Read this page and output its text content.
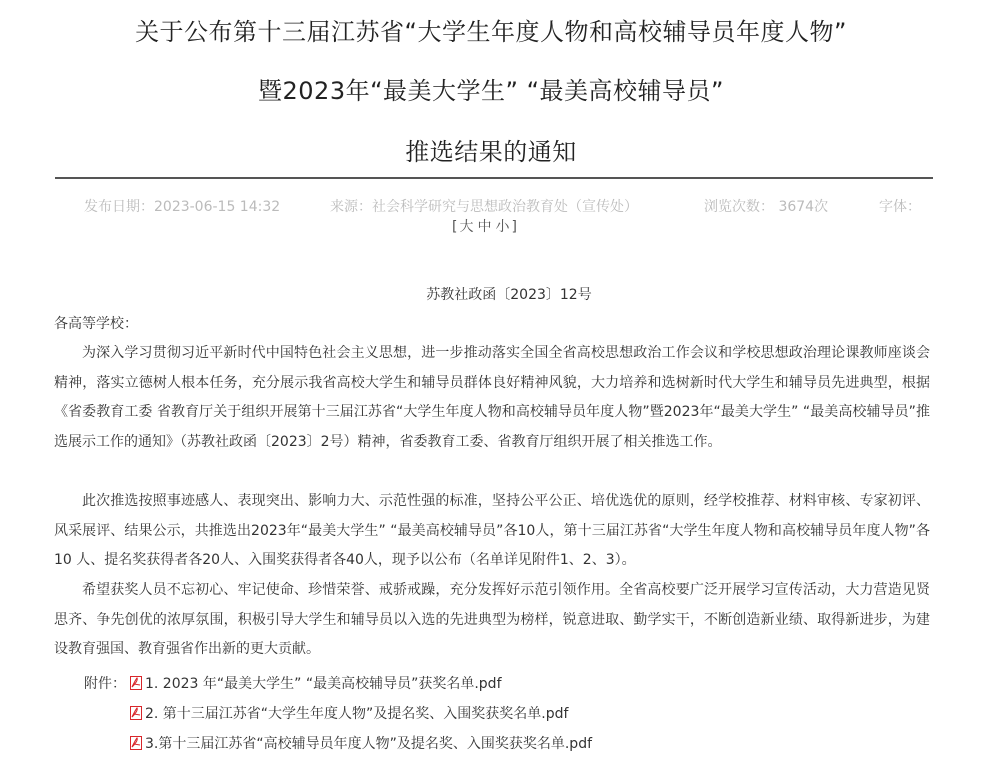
关于公布第十三届江苏省“大学生年度人物和高校辅导员年度人物”
暨2023年“最美大学生” “最美高校辅导员”
推选结果的通知
发布日期：2023-06-15 14:32	来源：社会科学研究与思想政治教育处（宣传处）	浏览次数： 3674次	字体：
[ 大 中 小 ]
苏教社政函〔2023〕12号
各高等学校：
为深入学习贯彻习近平新时代中国特色社会主义思想，进一步推动落实全国全省高校思想政治工作会议和学校思想政治理论课教师座谈会精神，落实立德树人根本任务，充分展示我省高校大学生和辅导员群体良好精神风貌，大力培养和选树新时代大学生和辅导员先进典型，根据《省委教育工委 省教育厅关于组织开展第十三届江苏省“大学生年度人物和高校辅导员年度人物”暨2023年“最美大学生” “最美高校辅导员”推选展示工作的通知》（苏教社政函〔2023〕2号）精神，省委教育工委、省教育厅组织开展了相关推选工作。
此次推选按照事迹感人、表现突出、影响力大、示范性强的标准，坚持公平公正、培优选优的原则，经学校推荐、材料审核、专家初评、风采展评、结果公示，共推选出2023年“最美大学生” “最美高校辅导员”各10人，第十三届江苏省“大学生年度人物和高校辅导员年度人物”各10 人、提名奖获得者各20人、入围奖获得者各40人，现予以公布（名单详见附件1、2、3）。
希望获奖人员不忘初心、牢记使命、珍惜荣誉、戒骄戒躁，充分发挥好示范引领作用。全省高校要广泛开展学习宣传活动，大力营造见贤思齐、争先创优的浓厚氛围，积极引导大学生和辅导员以入选的先进典型为榜样，锐意进取、勤学实干，不断创造新业绩、取得新进步，为建设教育强国、教育强省作出新的更大贡献。
附件： 1. 2023 年“最美大学生” “最美高校辅导员”获奖名单.pdf
2. 第十三届江苏省“大学生年度人物”及提名奖、入围奖获奖名单.pdf
3.第十三届江苏省“高校辅导员年度人物”及提名奖、入围奖获奖名单.pdf
